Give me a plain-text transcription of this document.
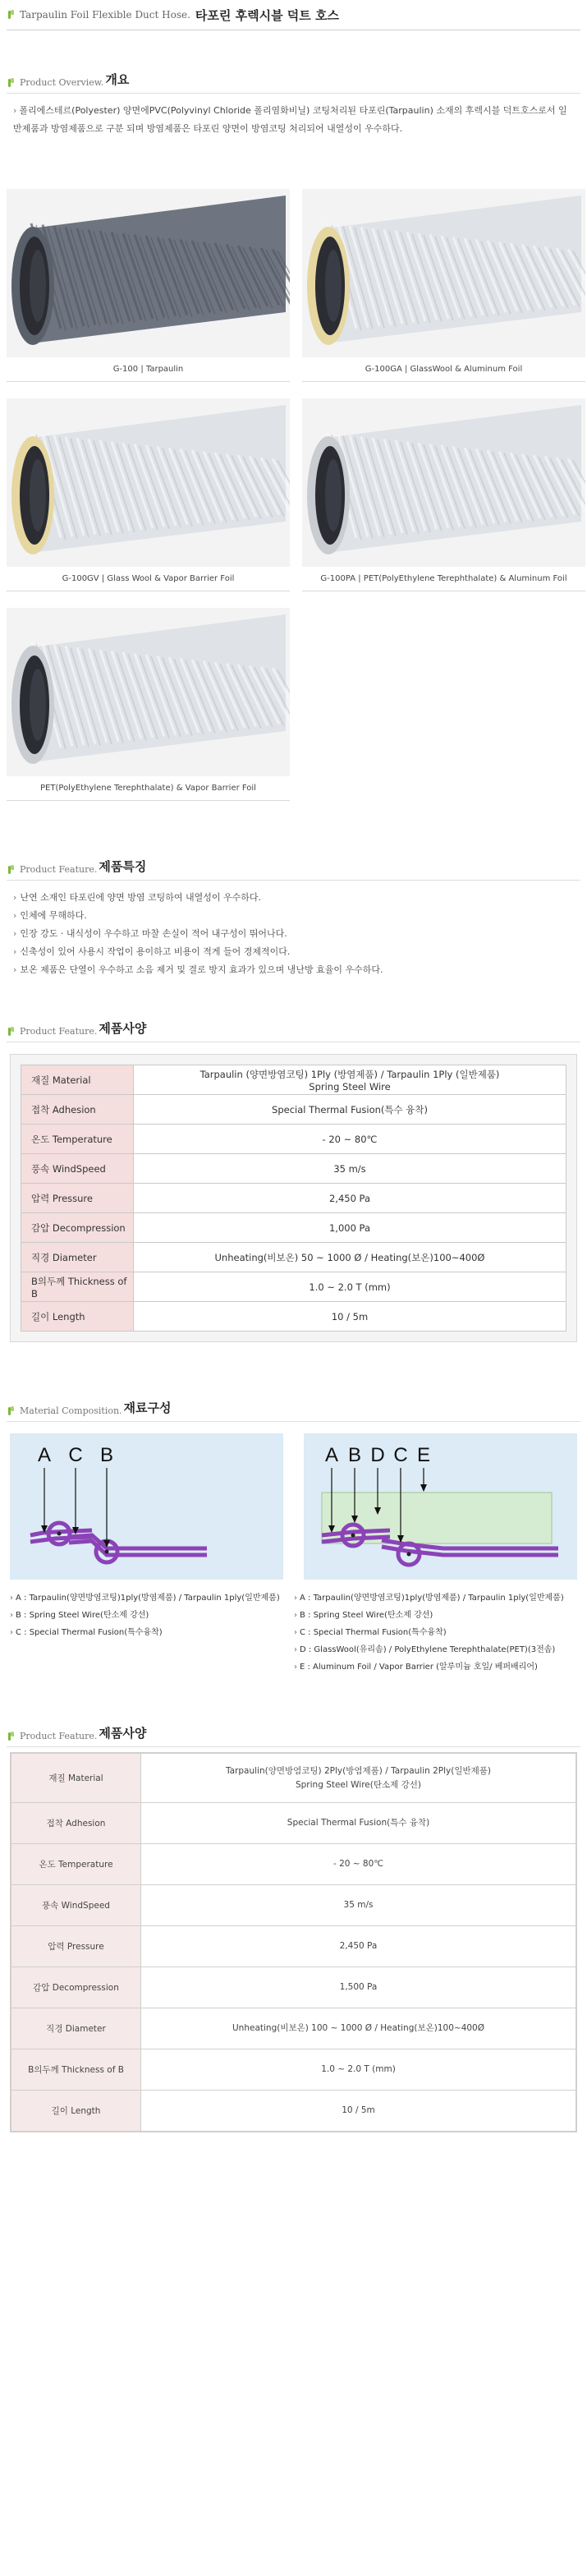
Tarpaulin Foil Flexible Duct Hose. 타포린 후렉시블 덕트 호스
Product Overview. 개요
› 폴리에스테르(Polyester) 양면에PVC(Polyvinyl Chloride 폴리염화비닐) 코팅처리된 타포린(Tarpaulin) 소재의 후렉시블 덕트호스로서 일반제품과 방염제품으로 구분 되며 방염제품은 타포린 양면이 방염코팅 처리되어 내열성이 우수하다.
G-100 | Tarpaulin	G-100GA | GlassWool & Aluminum Foil
G-100GV | Glass Wool & Vapor Barrier Foil	G-100PA | PET(PolyEthylene Terephthalate) & Aluminum Foil
PET(PolyEthylene Terephthalate) & Vapor Barrier Foil
Product Feature. 제품특징
› 난연 소재인 타포린에 양면 방염 코팅하여 내열성이 우수하다.
› 인체에 무해하다.
› 인장 강도 · 내식성이 우수하고 마찰 손실이 적어 내구성이 뛰어나다.
› 신축성이 있어 사용시 작업이 용이하고 비용이 적게 들어 경제적이다.
› 보온 제품은 단열이 우수하고 소음 제거 및 결로 방지 효과가 있으며 냉난방 효율이 우수하다.
Product Feature. 제품사양
재질 Material	Tarpaulin (양면방염코팅) 1Ply (방염제품) / Tarpaulin 1Ply (일반제품)
Spring Steel Wire

접착 Adhesion	Special Thermal Fusion(특수 융착)

온도 Temperature	- 20 ~ 80℃

풍속 WindSpeed	35 m/s

압력 Pressure	2,450 Pa

감압 Decompression	1,000 Pa

직경 Diameter	Unheating(비보온) 50 ~ 1000 Ø / Heating(보온)100~400Ø

B의두께 Thickness of B	1.0 ~ 2.0 T (mm)

길이 Length	10 / 5m
Material Composition. 재료구성
A C B	A B D C E
› A : Tarpaulin(양면방염코팅)1ply(방염제품) / Tarpaulin 1ply(일반제품)
› B : Spring Steel Wire(탄소제 강선)
› C : Special Thermal Fusion(특수융착)
› A : Tarpaulin(양면방염코팅)1ply(방염제품) / Tarpaulin 1ply(일반제품)
› B : Spring Steel Wire(탄소제 강선)
› C : Special Thermal Fusion(특수융착)
› D : GlassWool(유리솜) / PolyEthylene Terephthalate(PET)(3전솜)
› E : Aluminum Foil / Vapor Barrier (알루미늄 호일/ 베퍼배리어)
Product Feature. 제품사양
재질 Material	Tarpaulin(양면방염코팅) 2Ply(방염제품) / Tarpaulin 2Ply(일반제품)
Spring Steel Wire(탄소제 강선)

접착 Adhesion	Special Thermal Fusion(특수 융착)

온도 Temperature	- 20 ~ 80℃

풍속 WindSpeed	35 m/s

압력 Pressure	2,450 Pa

감압 Decompression	1,500 Pa

직경 Diameter	Unheating(비보온) 100 ~ 1000 Ø / Heating(보온)100~400Ø

B의두께 Thickness of B	1.0 ~ 2.0 T (mm)

길이 Length	10 / 5m
